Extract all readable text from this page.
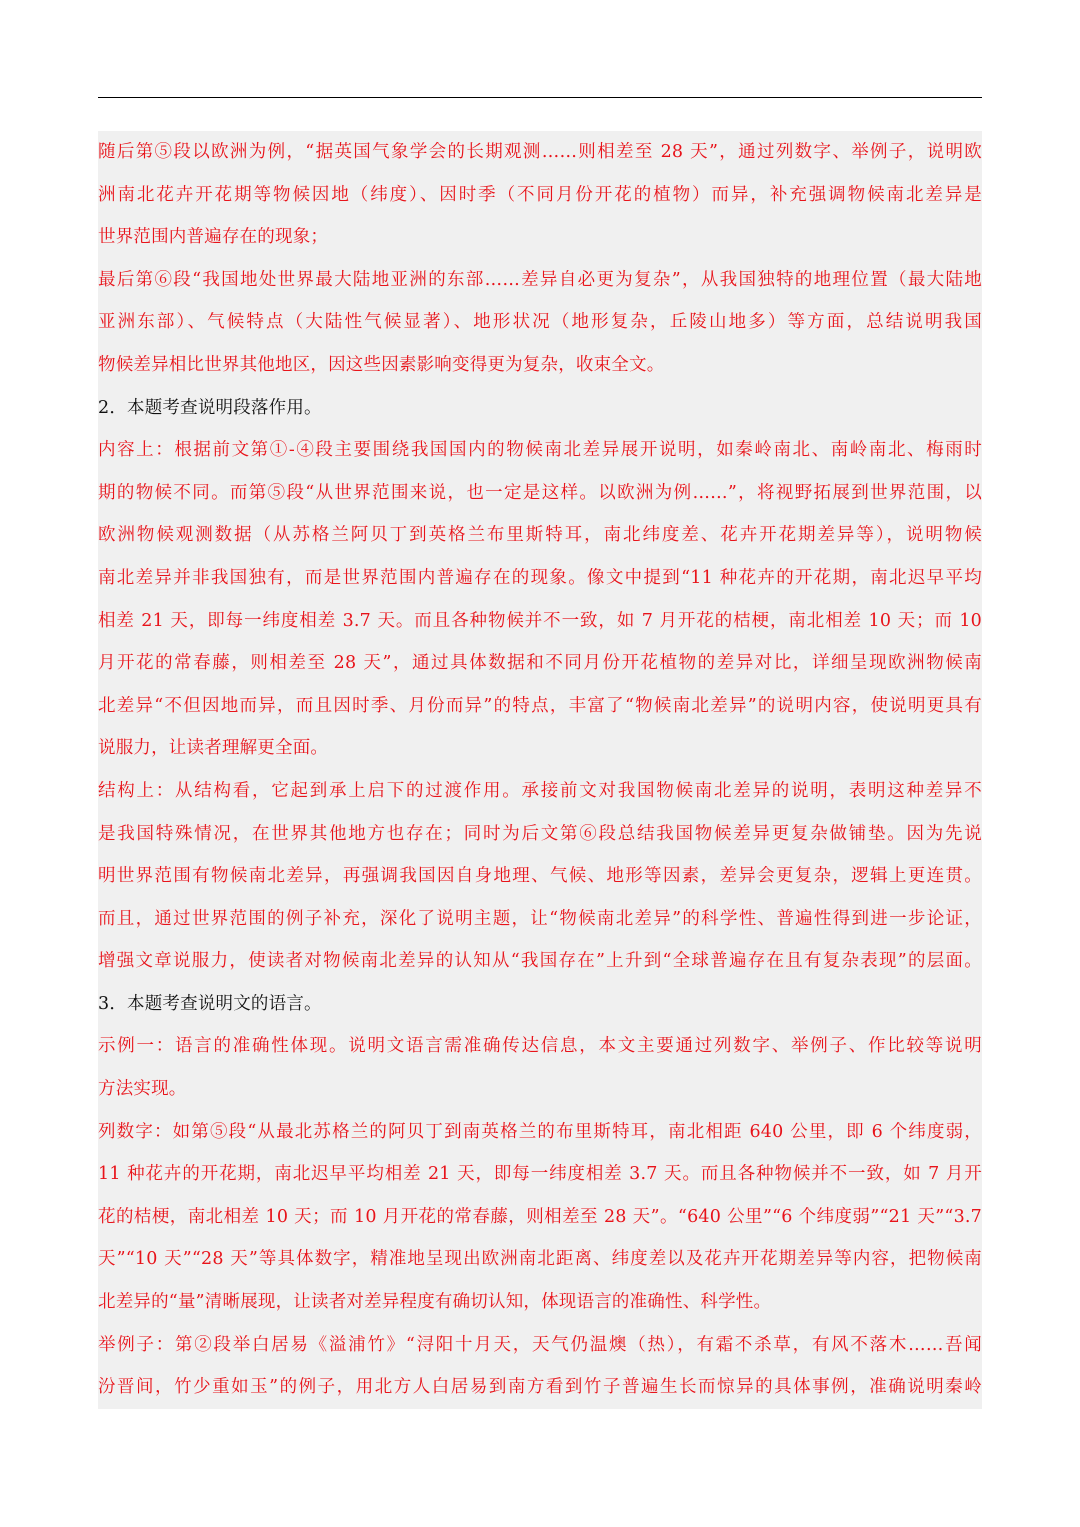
随后第⑤段以欧洲为例，“据英国气象学会的长期观测……则相差至 28 天”，通过列数字、举例子，说明欧
洲南北花卉开花期等物候因地（纬度）、因时季（不同月份开花的植物）而异，补充强调物候南北差异是
世界范围内普遍存在的现象；
最后第⑥段“我国地处世界最大陆地亚洲的东部……差异自必更为复杂”，从我国独特的地理位置（最大陆地
亚洲东部）、气候特点（大陆性气候显著）、地形状况（地形复杂，丘陵山地多）等方面，总结说明我国
物候差异相比世界其他地区，因这些因素影响变得更为复杂，收束全文。
2．本题考查说明段落作用。
内容上：根据前文第①-④段主要围绕我国国内的物候南北差异展开说明，如秦岭南北、南岭南北、梅雨时
期的物候不同。而第⑤段“从世界范围来说，也一定是这样。以欧洲为例……”，将视野拓展到世界范围，以
欧洲物候观测数据（从苏格兰阿贝丁到英格兰布里斯特耳，南北纬度差、花卉开花期差异等），说明物候
南北差异并非我国独有，而是世界范围内普遍存在的现象。像文中提到“11 种花卉的开花期，南北迟早平均
相差 21 天，即每一纬度相差 3.7 天。而且各种物候并不一致，如 7 月开花的桔梗，南北相差 10 天；而 10
月开花的常春藤，则相差至 28 天”，通过具体数据和不同月份开花植物的差异对比，详细呈现欧洲物候南
北差异“不但因地而异，而且因时季、月份而异”的特点，丰富了“物候南北差异”的说明内容，使说明更具有
说服力，让读者理解更全面。
结构上：从结构看，它起到承上启下的过渡作用。承接前文对我国物候南北差异的说明，表明这种差异不
是我国特殊情况，在世界其他地方也存在；同时为后文第⑥段总结我国物候差异更复杂做铺垫。因为先说
明世界范围有物候南北差异，再强调我国因自身地理、气候、地形等因素，差异会更复杂，逻辑上更连贯。
而且，通过世界范围的例子补充，深化了说明主题，让“物候南北差异”的科学性、普遍性得到进一步论证，
增强文章说服力，使读者对物候南北差异的认知从“我国存在”上升到“全球普遍存在且有复杂表现”的层面。
3．本题考查说明文的语言。
示例一：语言的准确性体现。说明文语言需准确传达信息，本文主要通过列数字、举例子、作比较等说明
方法实现。
列数字：如第⑤段“从最北苏格兰的阿贝丁到南英格兰的布里斯特耳，南北相距 640 公里，即 6 个纬度弱，
11 种花卉的开花期，南北迟早平均相差 21 天，即每一纬度相差 3.7 天。而且各种物候并不一致，如 7 月开
花的桔梗，南北相差 10 天；而 10 月开花的常春藤，则相差至 28 天”。“640 公里”“6 个纬度弱”“21 天”“3.7
天”“10 天”“28 天”等具体数字，精准地呈现出欧洲南北距离、纬度差以及花卉开花期差异等内容，把物候南
北差异的“量”清晰展现，让读者对差异程度有确切认知，体现语言的准确性、科学性。
举例子：第②段举白居易《溢浦竹》“浔阳十月天，天气仍温燠（热），有霜不杀草，有风不落木……吾闻
汾晋间，竹少重如玉”的例子，用北方人白居易到南方看到竹子普遍生长而惊异的具体事例，准确说明秦岭
